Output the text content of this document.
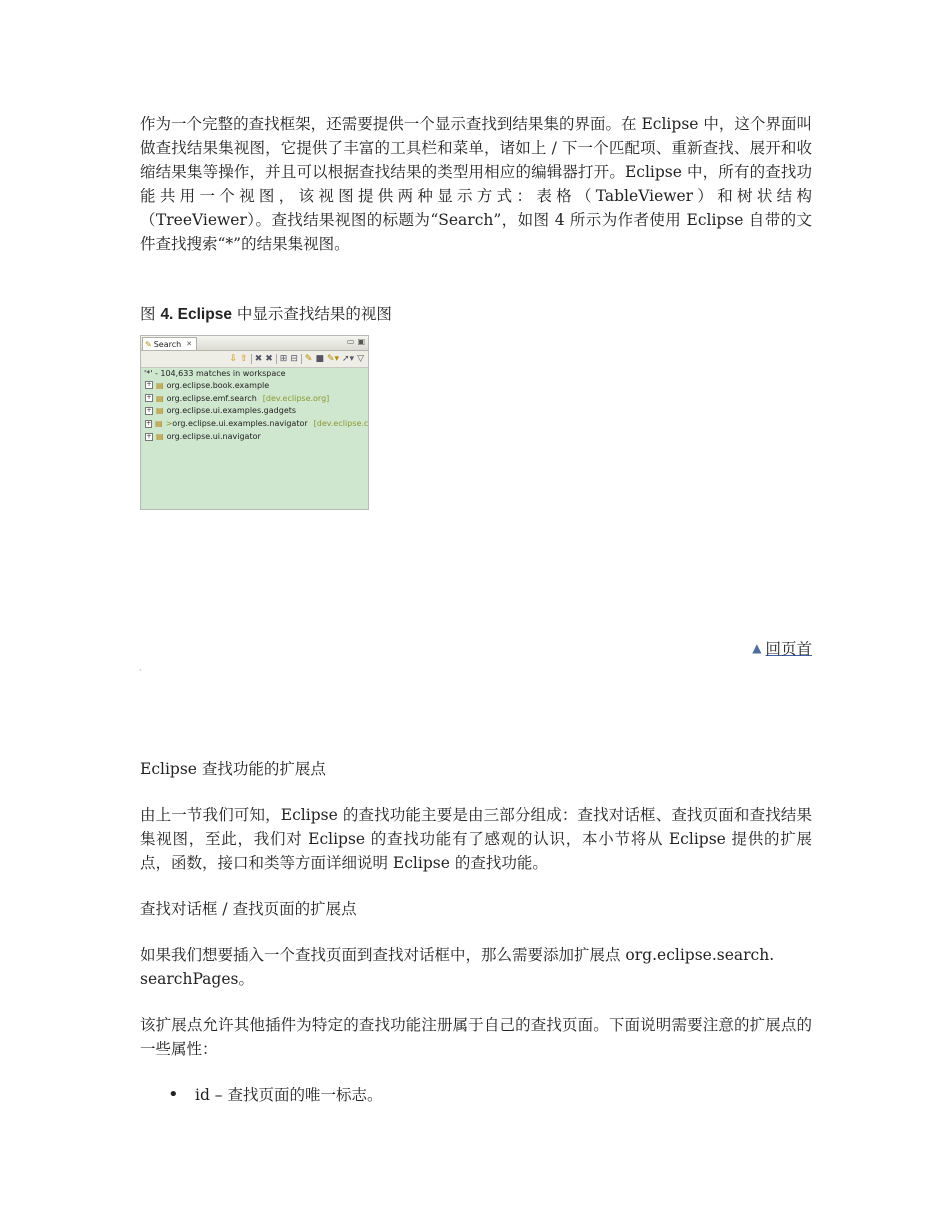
作为一个完整的查找框架，还需要提供一个显示查找到结果集的界面。在 Eclipse 中，这个界面叫做查找结果集视图，它提供了丰富的工具栏和菜单，诸如上 / 下一个匹配项、重新查找、展开和收缩结果集等操作，并且可以根据查找结果的类型用相应的编辑器打开。Eclipse 中，所有的查找功能共用一个视图，该视图提供两种显示方式：表格（TableViewer）和树状结构（TreeViewer）。查找结果视图的标题为“Search”，如图 4 所示为作者使用 Eclipse 自带的文件查找搜索“*”的结果集视图。

图 4. Eclipse 中显示查找结果的视图

✎ Search ✕	▭ ▣
⇩ ⇧ ✖ ✖ ⊞ ⊟ ✎ ■ ✎▾ ➚▾ ▽
'*' - 104,633 matches in workspace
+ ▤ org.eclipse.book.example
+ ▤ org.eclipse.emf.search [dev.eclipse.org]
+ ▤ org.eclipse.ui.examples.gadgets
+ ▤ > org.eclipse.ui.examples.navigator [dev.eclipse.c
+ ▤ org.eclipse.ui.navigator
▲ 回页首
·

Eclipse 查找功能的扩展点

由上一节我们可知，Eclipse 的查找功能主要是由三部分组成：查找对话框、查找页面和查找结果集视图，至此，我们对 Eclipse 的查找功能有了感观的认识，本小节将从 Eclipse 提供的扩展点，函数，接口和类等方面详细说明 Eclipse 的查找功能。

查找对话框 / 查找页面的扩展点

如果我们想要插入一个查找页面到查找对话框中，那么需要添加扩展点 org.eclipse.search.
searchPages。

该扩展点允许其他插件为特定的查找功能注册属于自己的查找页面。下面说明需要注意的扩展点的一些属性：

• id – 查找页面的唯一标志。
